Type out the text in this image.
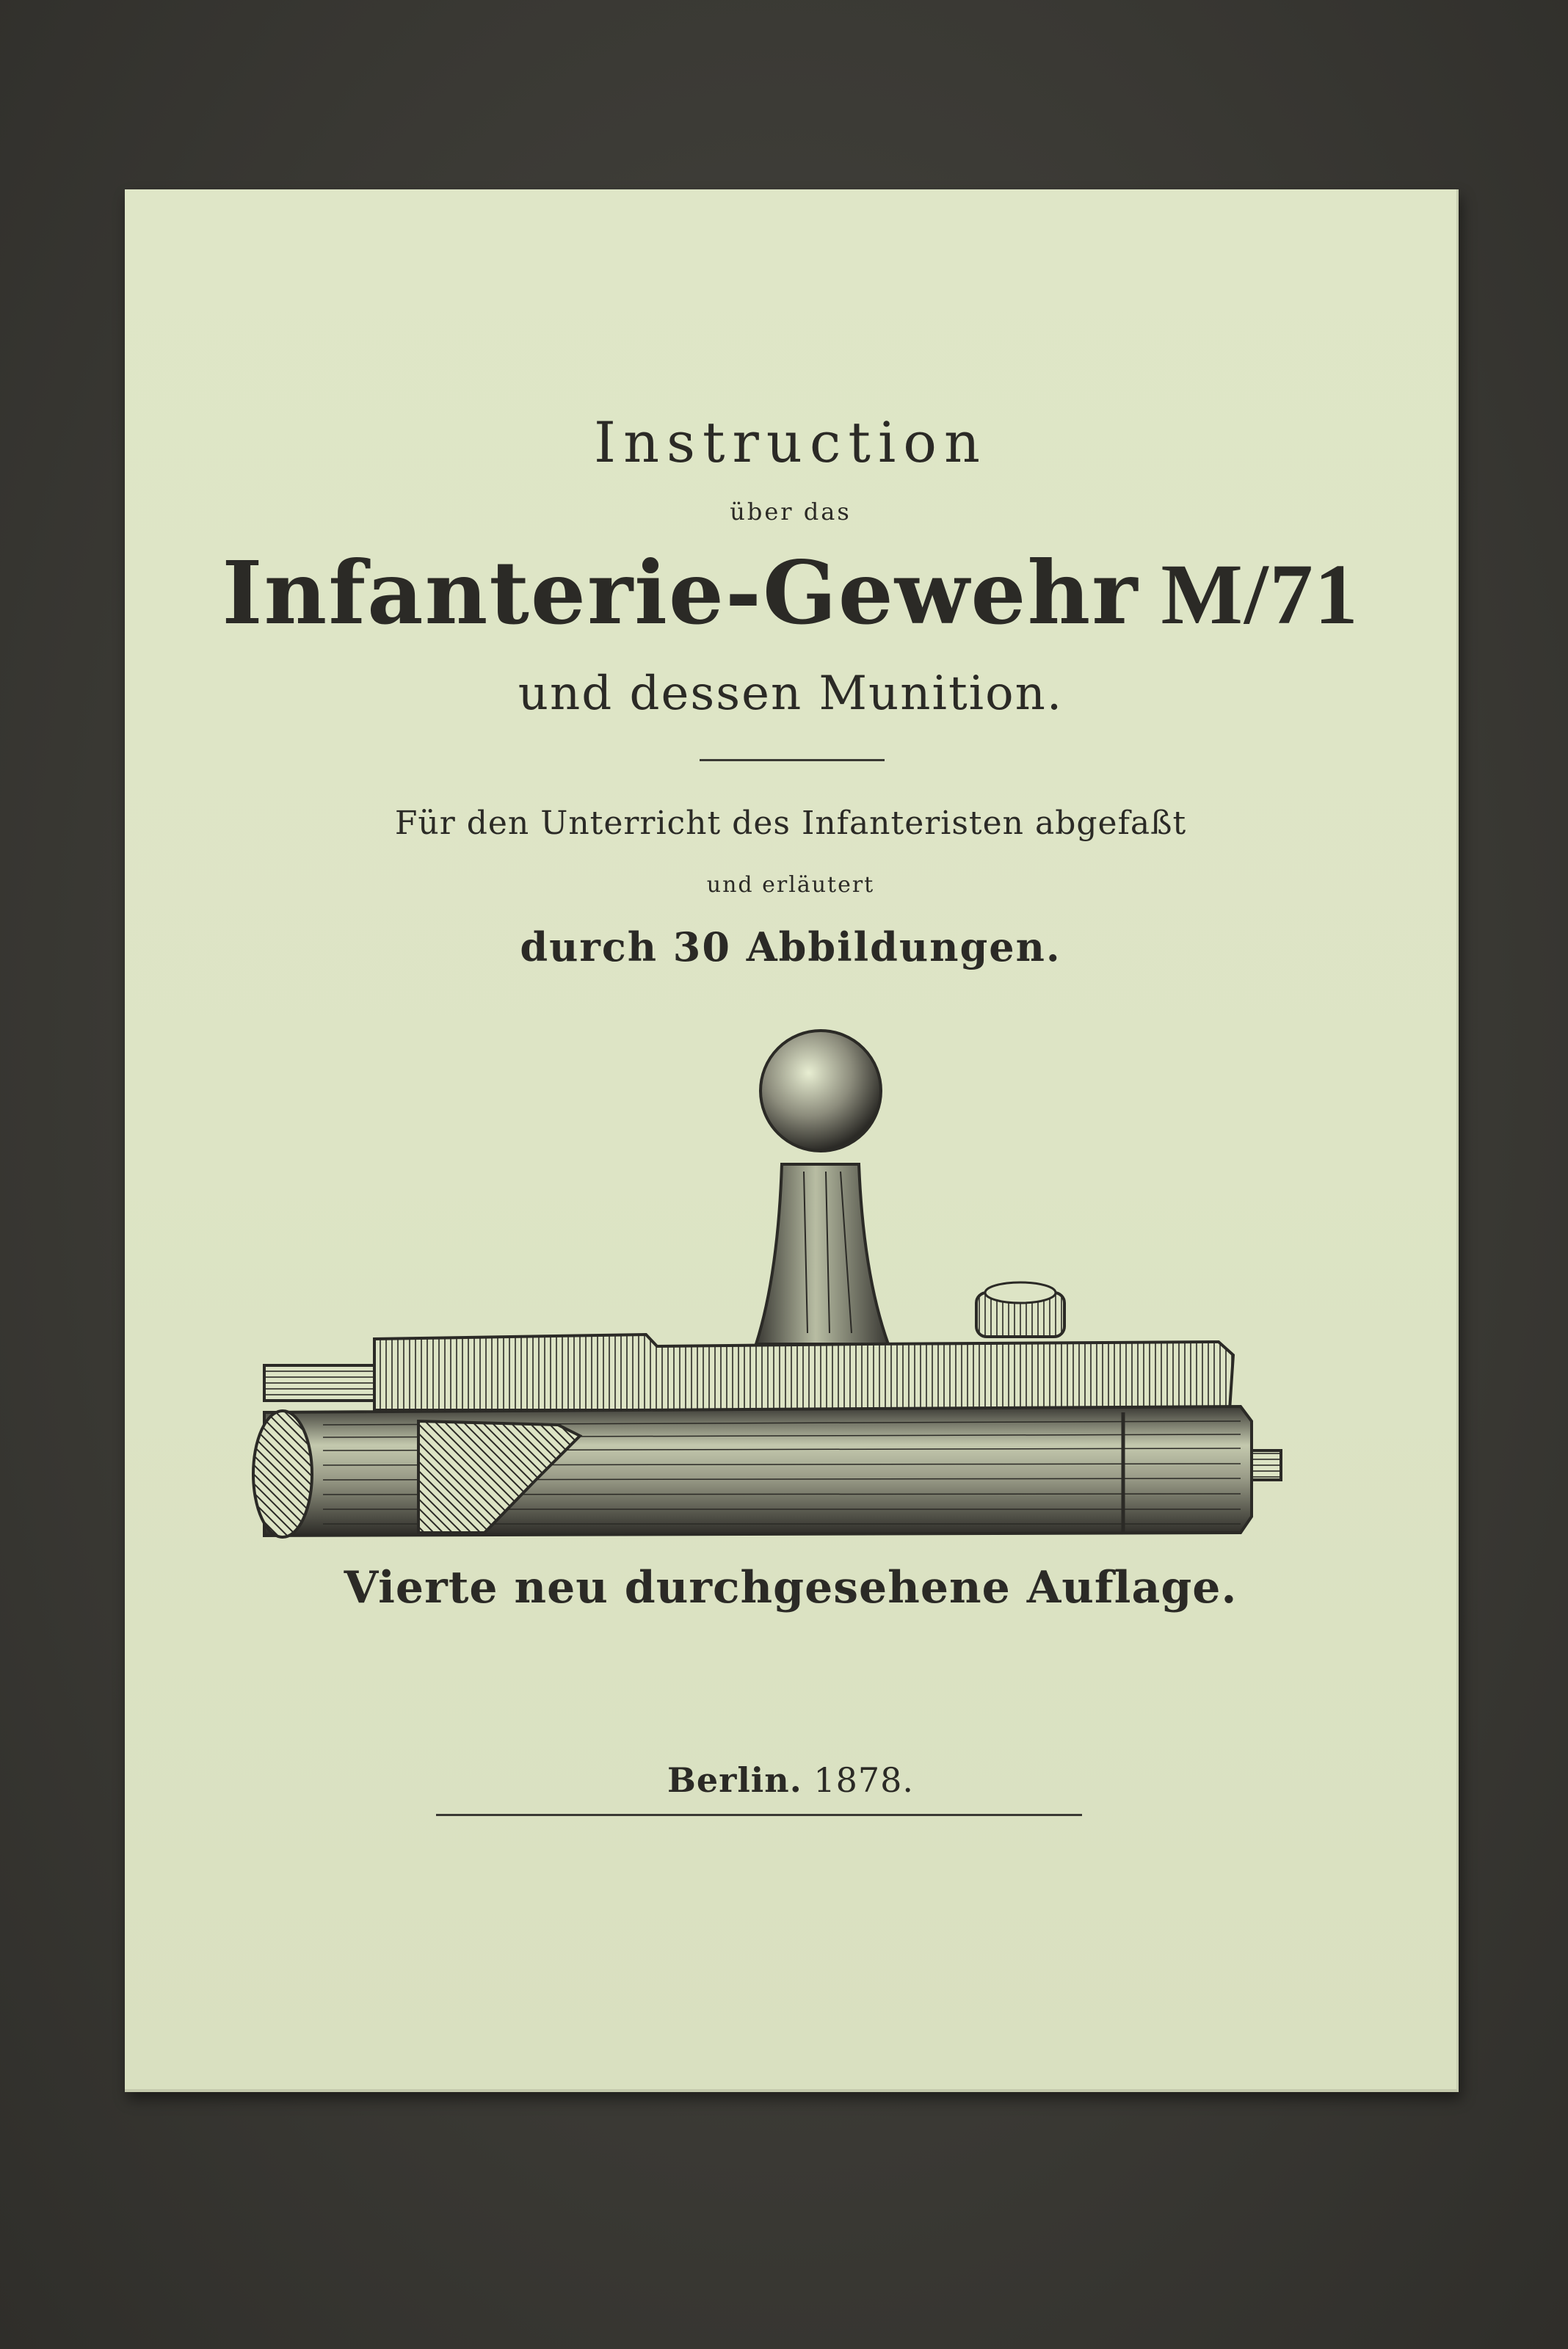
Instruction
über das
Infanterie-Gewehr M/71
und dessen Munition.
Für den Unterricht des Infanteristen abgefaßt
und erläutert
durch 30 Abbildungen.
Vierte neu durchgesehene Auflage.
Berlin. 1878.
